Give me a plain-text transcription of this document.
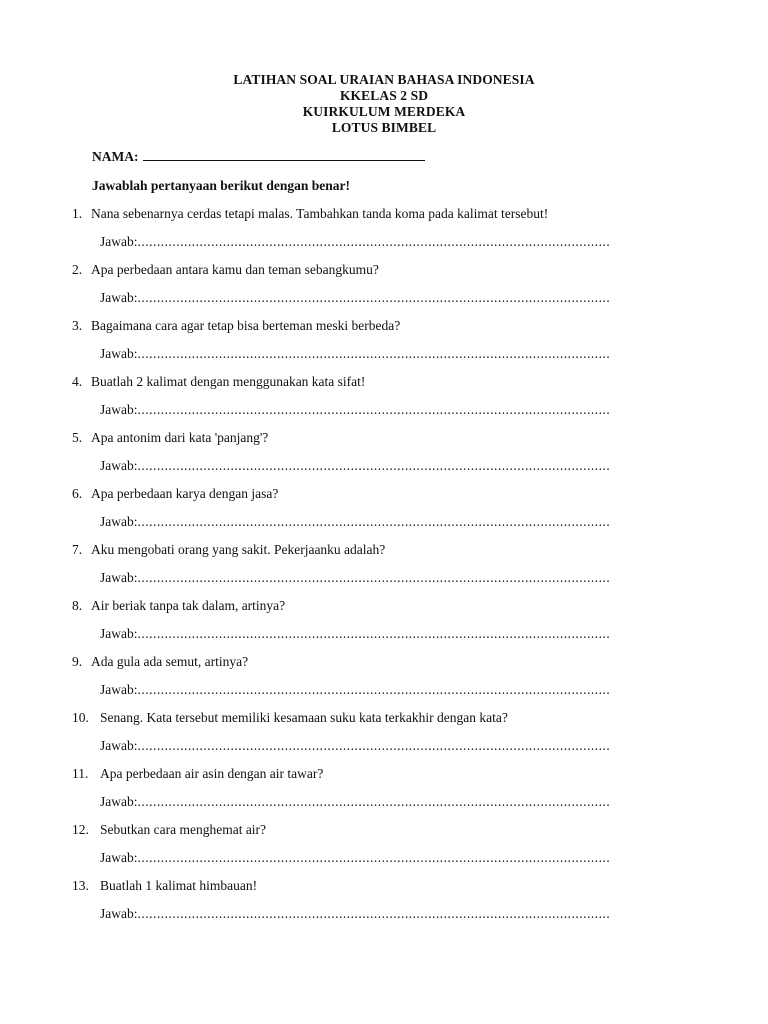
LATIHAN SOAL URAIAN BAHASA INDONESIA
KKELAS 2 SD
KUIRKULUM MERDEKA
LOTUS BIMBEL
NAMA:
Jawablah pertanyaan berikut dengan benar!
1. Nana sebenarnya cerdas tetapi malas. Tambahkan tanda koma pada kalimat tersebut!
Jawab:..........................................................................................................................
2. Apa perbedaan antara kamu dan teman sebangkumu?
Jawab:..........................................................................................................................
3. Bagaimana cara agar tetap bisa berteman meski berbeda?
Jawab:..........................................................................................................................
4. Buatlah 2 kalimat dengan menggunakan kata sifat!
Jawab:..........................................................................................................................
5. Apa antonim dari kata 'panjang'?
Jawab:..........................................................................................................................
6. Apa perbedaan karya dengan jasa?
Jawab:..........................................................................................................................
7. Aku mengobati orang yang sakit. Pekerjaanku adalah?
Jawab:..........................................................................................................................
8. Air beriak tanpa tak dalam, artinya?
Jawab:..........................................................................................................................
9. Ada gula ada semut, artinya?
Jawab:..........................................................................................................................
10. Senang. Kata tersebut memiliki kesamaan suku kata terkakhir dengan kata?
Jawab:..........................................................................................................................
11. Apa perbedaan air asin dengan air tawar?
Jawab:..........................................................................................................................
12. Sebutkan cara menghemat air?
Jawab:..........................................................................................................................
13. Buatlah 1 kalimat himbauan!
Jawab:..........................................................................................................................
